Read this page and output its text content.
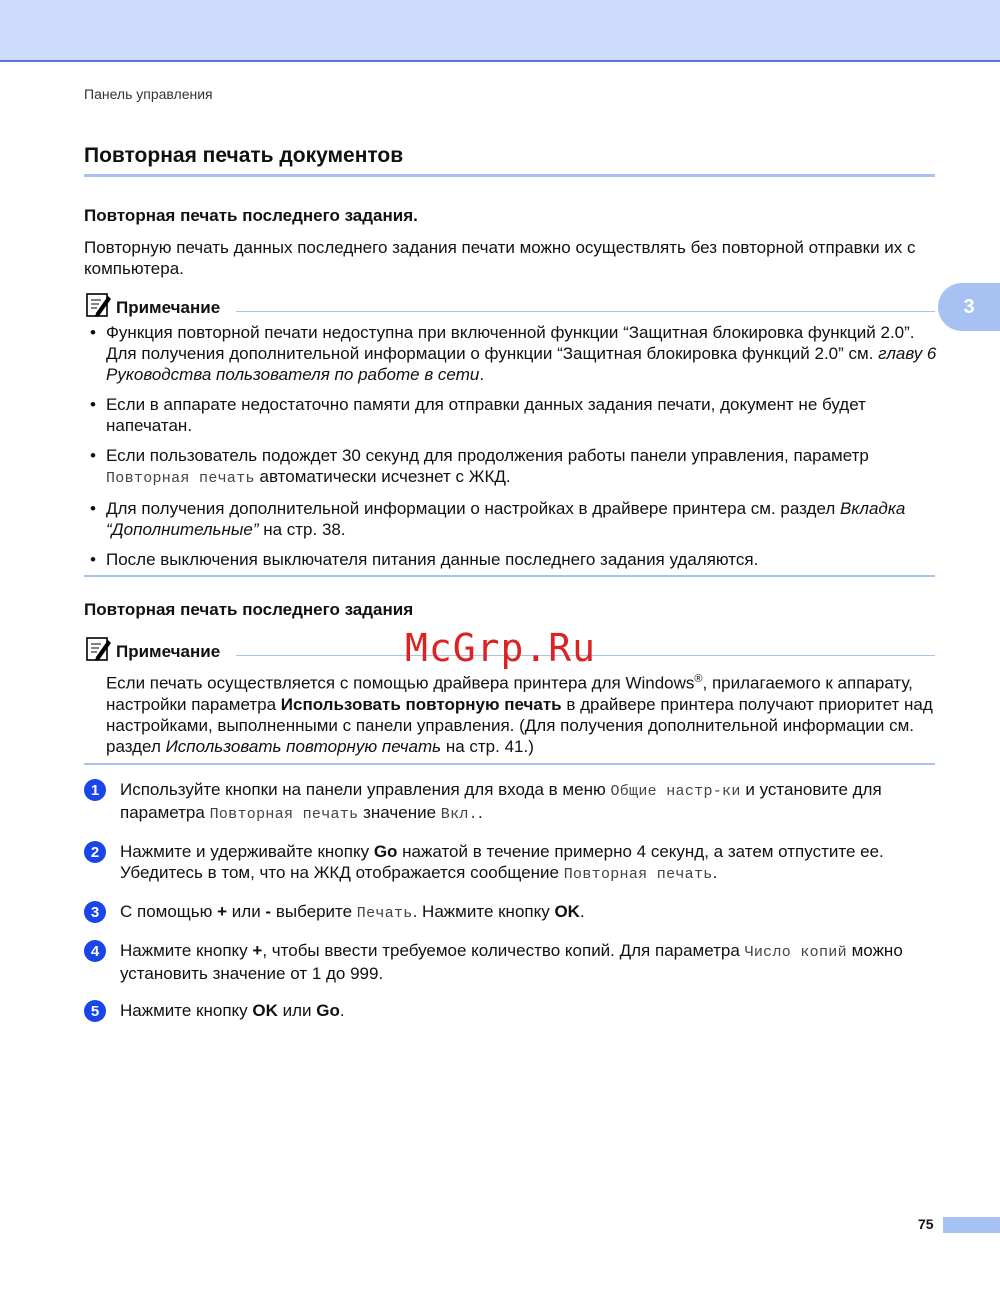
Панель управления
3
Повторная печать документов
Повторная печать последнего задания.
Повторную печать данных последнего задания печати можно осуществлять без повторной отправки их с компьютера.
Примечание
• Функция повторной печати недоступна при включенной функции “Защитная блокировка функций 2.0”. Для получения дополнительной информации о функции “Защитная блокировка функций 2.0” см. главу 6 Руководства пользователя по работе в сети.
• Если в аппарате недостаточно памяти для отправки данных задания печати, документ не будет напечатан.
• Если пользователь подождет 30 секунд для продолжения работы панели управления, параметр Повторная печать автоматически исчезнет с ЖКД.
• Для получения дополнительной информации о настройках в драйвере принтера см. раздел Вкладка “Дополнительные” на стр. 38.
• После выключения выключателя питания данные последнего задания удаляются.
Повторная печать последнего задания
Примечание	McGrp.Ru
Если печать осуществляется с помощью драйвера принтера для Windows®, прилагаемого к аппарату, настройки параметра Использовать повторную печать в драйвере принтера получают приоритет над настройками, выполненными с панели управления. (Для получения дополнительной информации см. раздел Использовать повторную печать на стр. 41.)
1	Используйте кнопки на панели управления для входа в меню Общие настр-ки и установите для параметра Повторная печать значение Вкл..
2	Нажмите и удерживайте кнопку Go нажатой в течение примерно 4 секунд, а затем отпустите ее. Убедитесь в том, что на ЖКД отображается сообщение Повторная печать.
3	С помощью + или - выберите Печать. Нажмите кнопку OK.
4	Нажмите кнопку +, чтобы ввести требуемое количество копий. Для параметра Число копий можно установить значение от 1 до 999.
5	Нажмите кнопку OK или Go.
75
